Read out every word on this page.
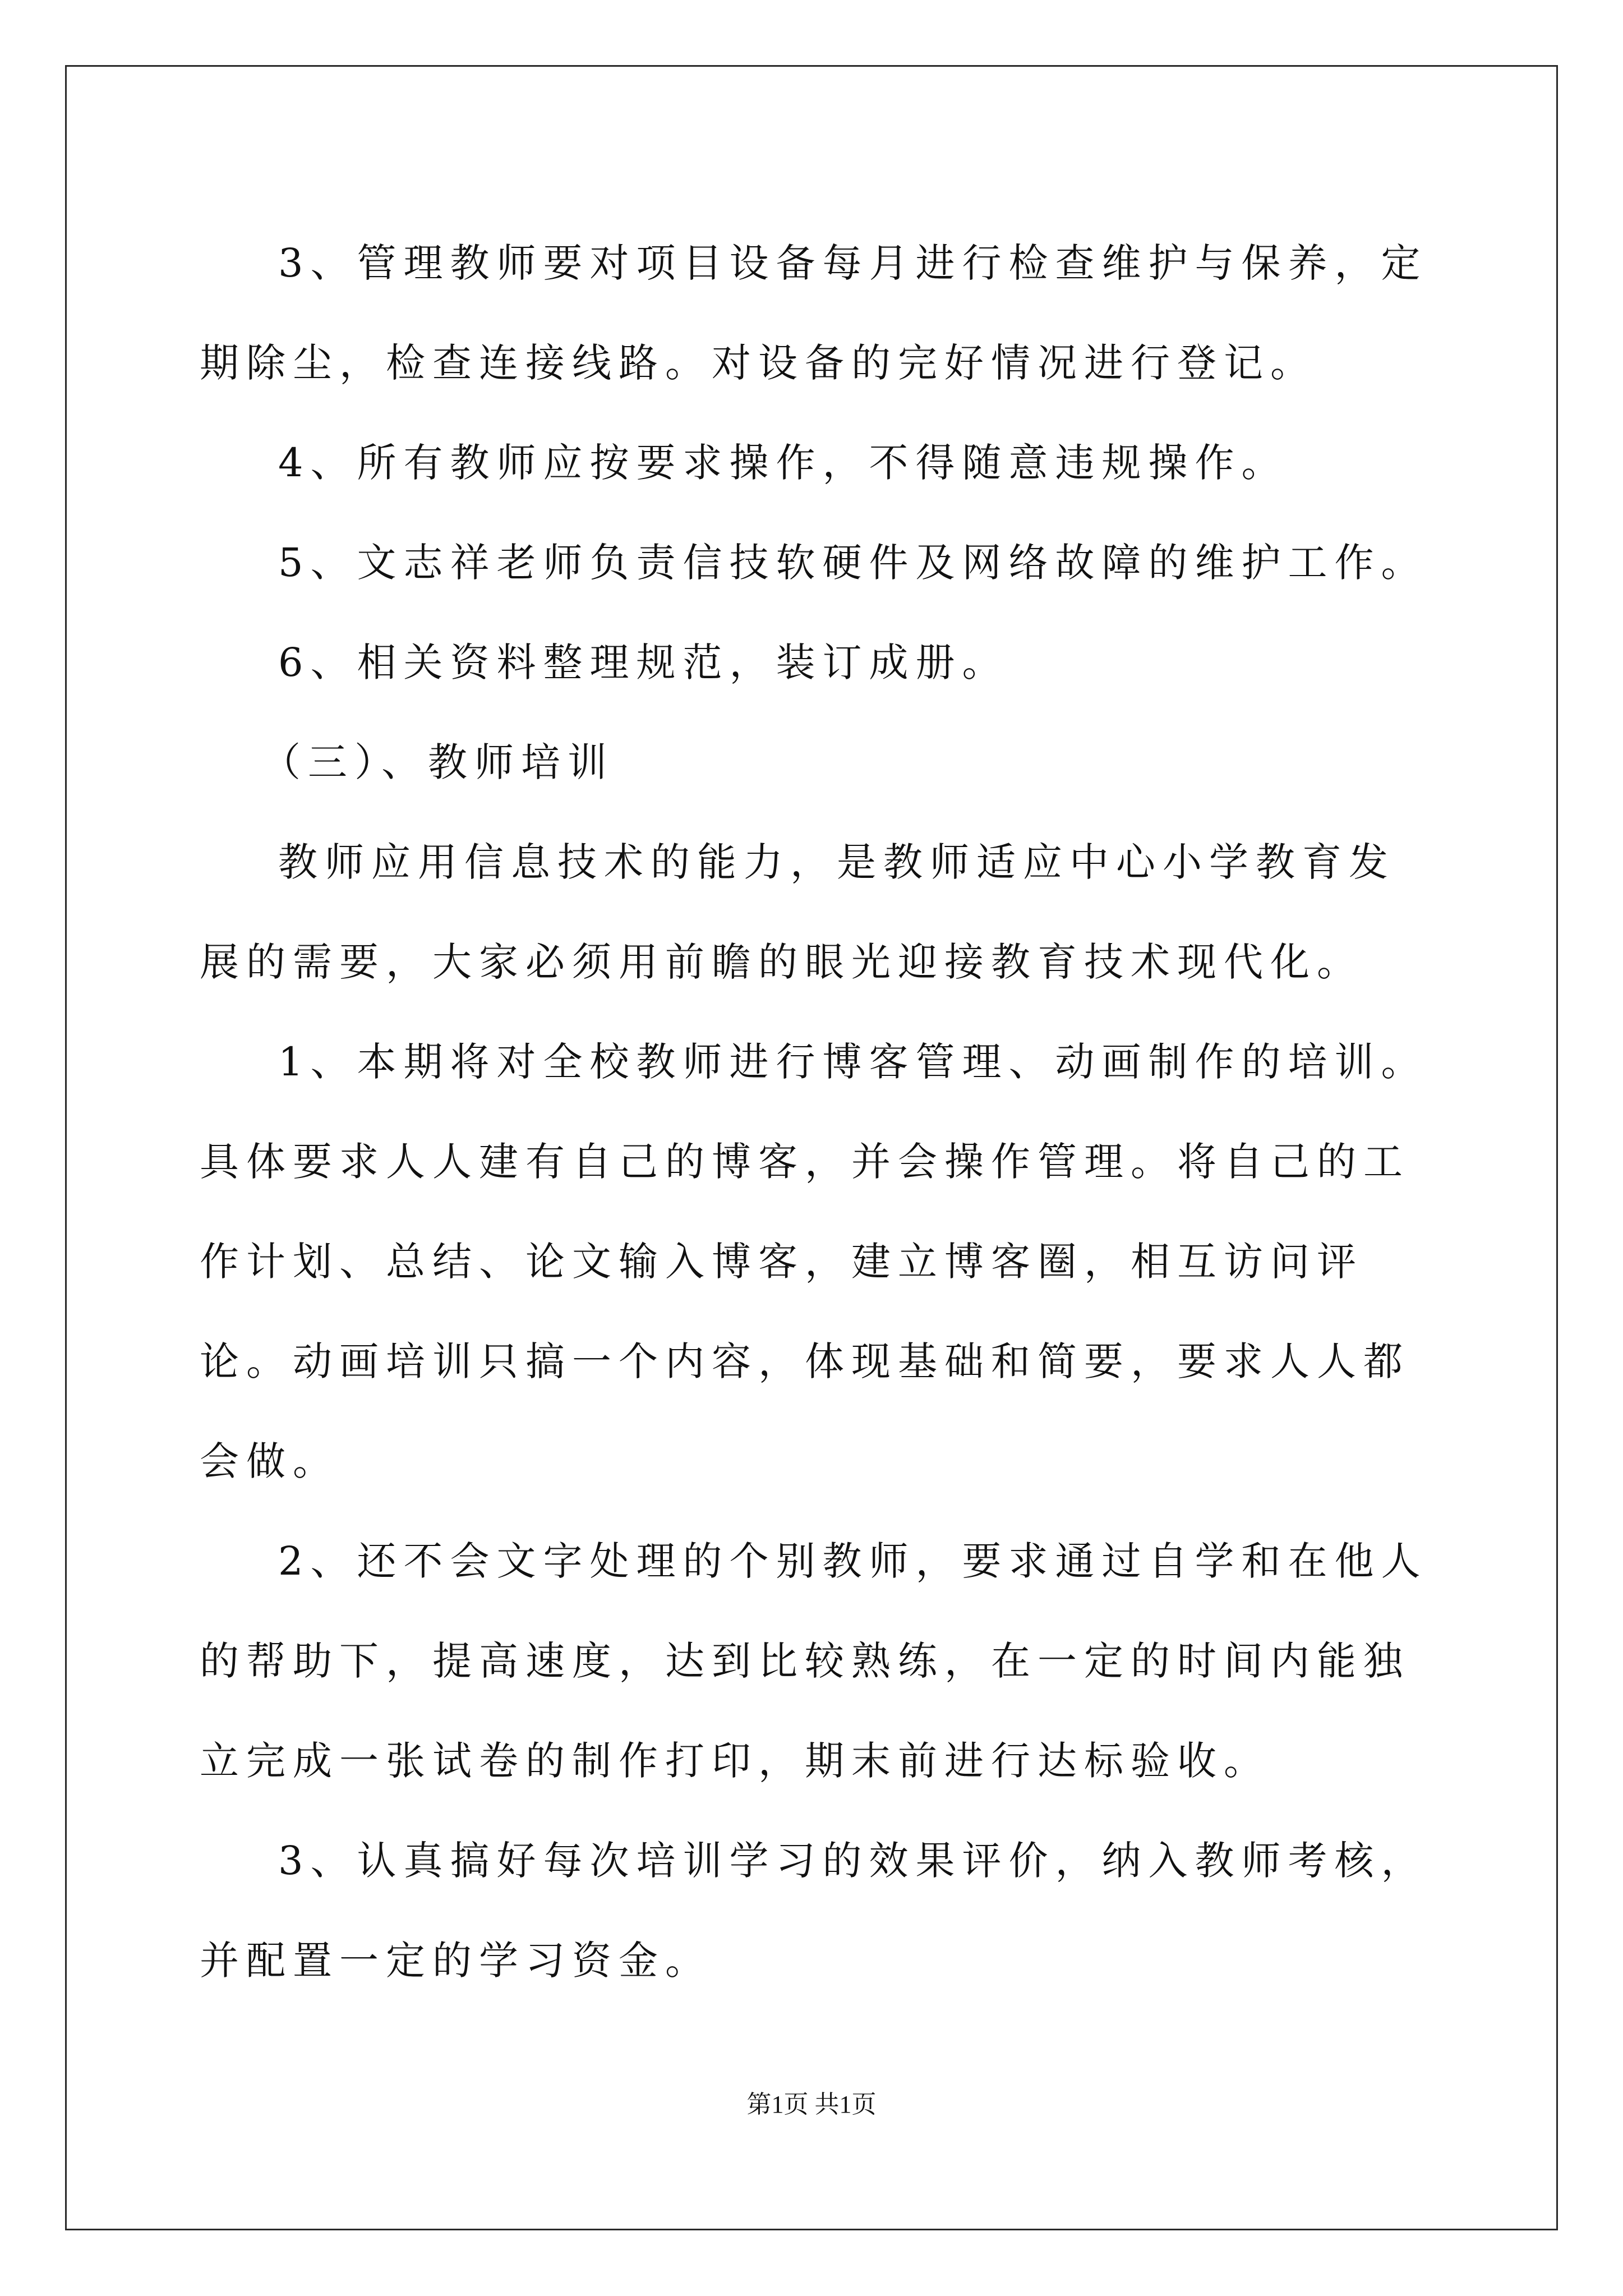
3、管理教师要对项目设备每月进行检查维护与保养，定期除尘，检查连接线路。对设备的完好情况进行登记。

4、所有教师应按要求操作，不得随意违规操作。

5、文志祥老师负责信技软硬件及网络故障的维护工作。

6、相关资料整理规范，装订成册。

（三）、教师培训

教师应用信息技术的能力，是教师适应中心小学教育发展的需要，大家必须用前瞻的眼光迎接教育技术现代化。

1、本期将对全校教师进行博客管理、动画制作的培训。具体要求人人建有自己的博客，并会操作管理。将自己的工作计划、总结、论文输入博客，建立博客圈，相互访问评论。动画培训只搞一个内容，体现基础和简要，要求人人都会做。

2、还不会文字处理的个别教师，要求通过自学和在他人的帮助下，提高速度，达到比较熟练，在一定的时间内能独立完成一张试卷的制作打印，期末前进行达标验收。

3、认真搞好每次培训学习的效果评价，纳入教师考核，并配置一定的学习资金。

第1页 共1页
